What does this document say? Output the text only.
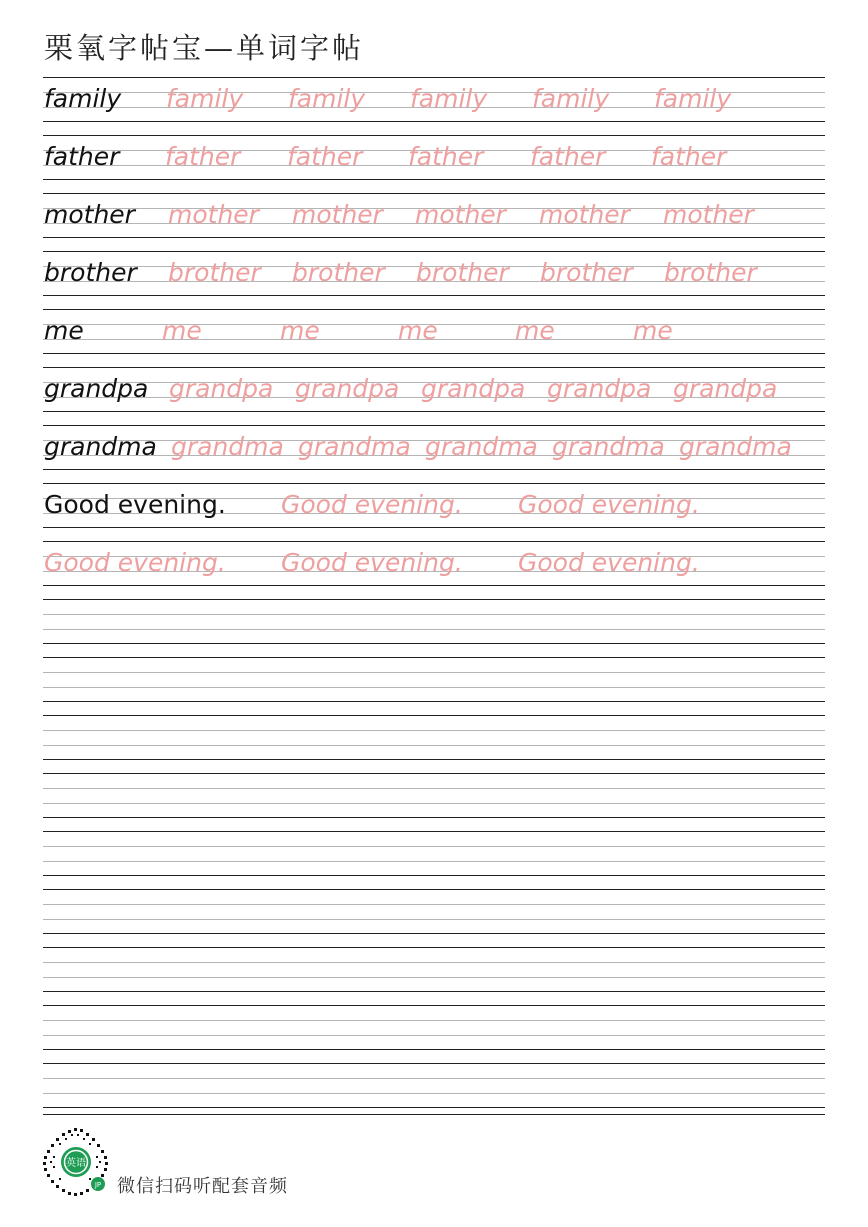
栗氧字帖宝—单词字帖
family family family family family family
father father father father father father
mother mother mother mother mother mother
brother brother brother brother brother brother
me	me	me	me	me	me
grandpa grandpa grandpa grandpa grandpa grandpa
grandma grandma grandma grandma grandma grandma
Good evening. Good evening. Good evening.
Good evening. Good evening. Good evening.
英语
JP 微信扫码听配套音频
